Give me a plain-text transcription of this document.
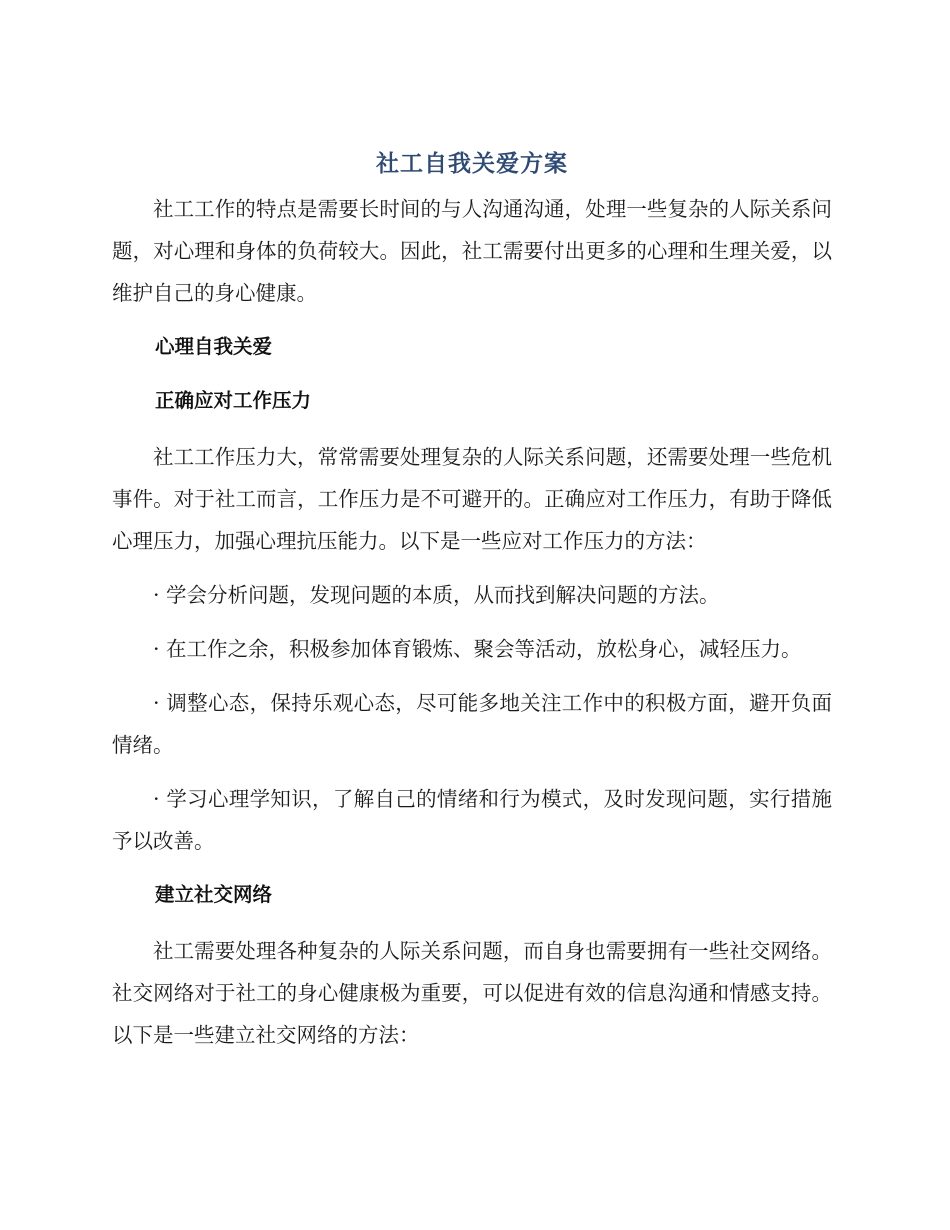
社工自我关爱方案

社工工作的特点是需要长时间的与人沟通沟通，处理一些复杂的人际关系问题，对心理和身体的负荷较大。因此，社工需要付出更多的心理和生理关爱，以维护自己的身心健康。

心理自我关爱

正确应对工作压力

社工工作压力大，常常需要处理复杂的人际关系问题，还需要处理一些危机事件。对于社工而言，工作压力是不可避开的。正确应对工作压力，有助于降低心理压力，加强心理抗压能力。以下是一些应对工作压力的方法：

· 学会分析问题，发现问题的本质，从而找到解决问题的方法。

· 在工作之余，积极参加体育锻炼、聚会等活动，放松身心，减轻压力。

· 调整心态，保持乐观心态，尽可能多地关注工作中的积极方面，避开负面情绪。

· 学习心理学知识，了解自己的情绪和行为模式，及时发现问题，实行措施予以改善。

建立社交网络

社工需要处理各种复杂的人际关系问题，而自身也需要拥有一些社交网络。社交网络对于社工的身心健康极为重要，可以促进有效的信息沟通和情感支持。以下是一些建立社交网络的方法：
